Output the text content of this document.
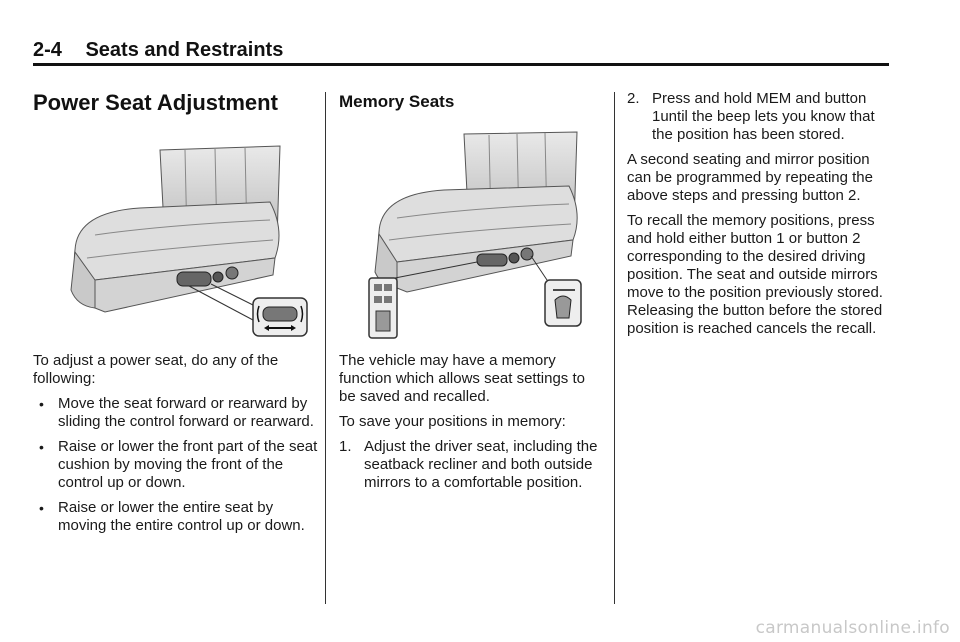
2-4 Seats and Restraints
Power Seat Adjustment

To adjust a power seat, do any of the following:

• Move the seat forward or rearward by sliding the control forward or rearward.
• Raise or lower the front part of the seat cushion by moving the front of the control up or down.
• Raise or lower the entire seat by moving the entire control up or down.
Memory Seats

The vehicle may have a memory function which allows seat settings to be saved and recalled.

To save your positions in memory:

1. Adjust the driver seat, including the seatback recliner and both outside mirrors to a comfortable position.
2. Press and hold MEM and button 1until the beep lets you know that the position has been stored.

A second seating and mirror position can be programmed by repeating the above steps and pressing button 2.

To recall the memory positions, press and hold either button 1 or button 2 corresponding to the desired driving position. The seat and outside mirrors move to the position previously stored. Releasing the button before the stored position is reached cancels the recall.

carmanualsonline.info
